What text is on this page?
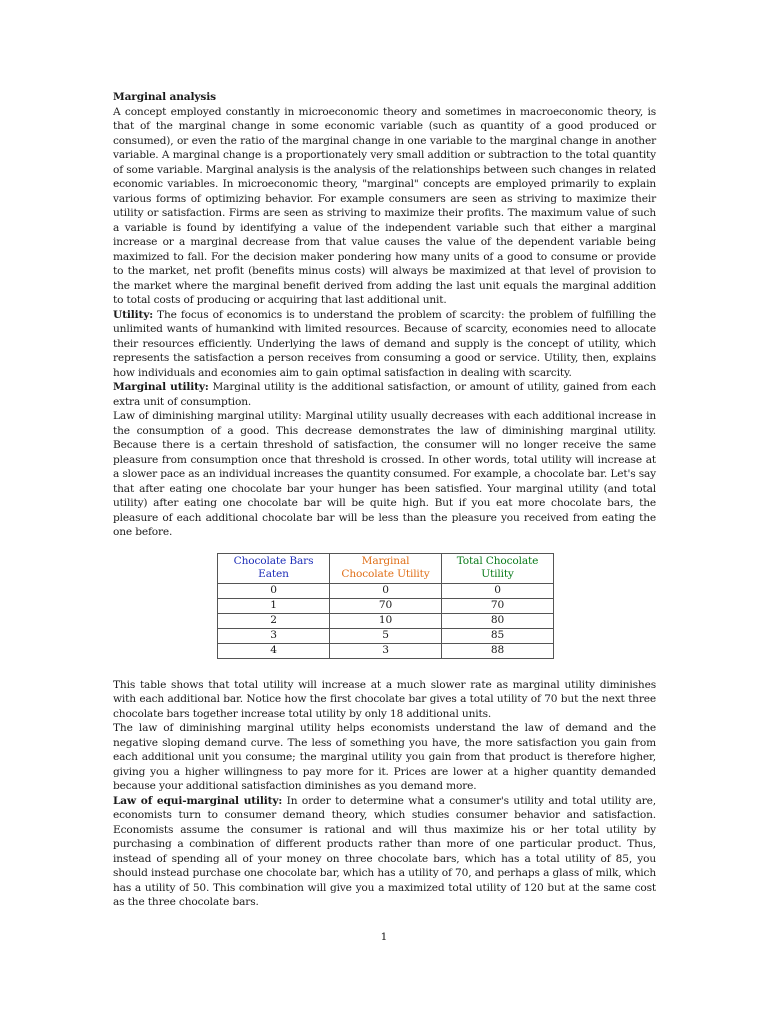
Marginal analysis

A concept employed constantly in microeconomic theory and sometimes in macroeconomic theory, is that of the marginal change in some economic variable (such as quantity of a good produced or consumed), or even the ratio of the marginal change in one variable to the marginal change in another variable. A marginal change is a proportionately very small addition or subtraction to the total quantity of some variable. Marginal analysis is the analysis of the relationships between such changes in related economic variables. In microeconomic theory, "marginal" concepts are employed primarily to explain various forms of optimizing behavior. For example consumers are seen as striving to maximize their utility or satisfaction. Firms are seen as striving to maximize their profits. The maximum value of such a variable is found by identifying a value of the independent variable such that either a marginal increase or a marginal decrease from that value causes the value of the dependent variable being maximized to fall. For the decision maker pondering how many units of a good to consume or provide to the market, net profit (benefits minus costs) will always be maximized at that level of provision to the market where the marginal benefit derived from adding the last unit equals the marginal addition to total costs of producing or acquiring that last additional unit.

Utility: The focus of economics is to understand the problem of scarcity: the problem of fulfilling the unlimited wants of humankind with limited resources. Because of scarcity, economies need to allocate their resources efficiently. Underlying the laws of demand and supply is the concept of utility, which represents the satisfaction a person receives from consuming a good or service. Utility, then, explains how individuals and economies aim to gain optimal satisfaction in dealing with scarcity.

Marginal utility: Marginal utility is the additional satisfaction, or amount of utility, gained from each extra unit of consumption.

Law of diminishing marginal utility: Marginal utility usually decreases with each additional increase in the consumption of a good. This decrease demonstrates the law of diminishing marginal utility. Because there is a certain threshold of satisfaction, the consumer will no longer receive the same pleasure from consumption once that threshold is crossed. In other words, total utility will increase at a slower pace as an individual increases the quantity consumed. For example, a chocolate bar. Let's say that after eating one chocolate bar your hunger has been satisfied. Your marginal utility (and total utility) after eating one chocolate bar will be quite high. But if you eat more chocolate bars, the pleasure of each additional chocolate bar will be less than the pleasure you received from eating the one before.

Chocolate Bars Eaten	Marginal Chocolate Utility	Total Chocolate Utility
0	0	0
1	70	70
2	10	80
3	5	85
4	3	88

This table shows that total utility will increase at a much slower rate as marginal utility diminishes with each additional bar. Notice how the first chocolate bar gives a total utility of 70 but the next three chocolate bars together increase total utility by only 18 additional units.

The law of diminishing marginal utility helps economists understand the law of demand and the negative sloping demand curve. The less of something you have, the more satisfaction you gain from each additional unit you consume; the marginal utility you gain from that product is therefore higher, giving you a higher willingness to pay more for it. Prices are lower at a higher quantity demanded because your additional satisfaction diminishes as you demand more.

Law of equi-marginal utility: In order to determine what a consumer's utility and total utility are, economists turn to consumer demand theory, which studies consumer behavior and satisfaction. Economists assume the consumer is rational and will thus maximize his or her total utility by purchasing a combination of different products rather than more of one particular product. Thus, instead of spending all of your money on three chocolate bars, which has a total utility of 85, you should instead purchase one chocolate bar, which has a utility of 70, and perhaps a glass of milk, which has a utility of 50. This combination will give you a maximized total utility of 120 but at the same cost as the three chocolate bars.

1
